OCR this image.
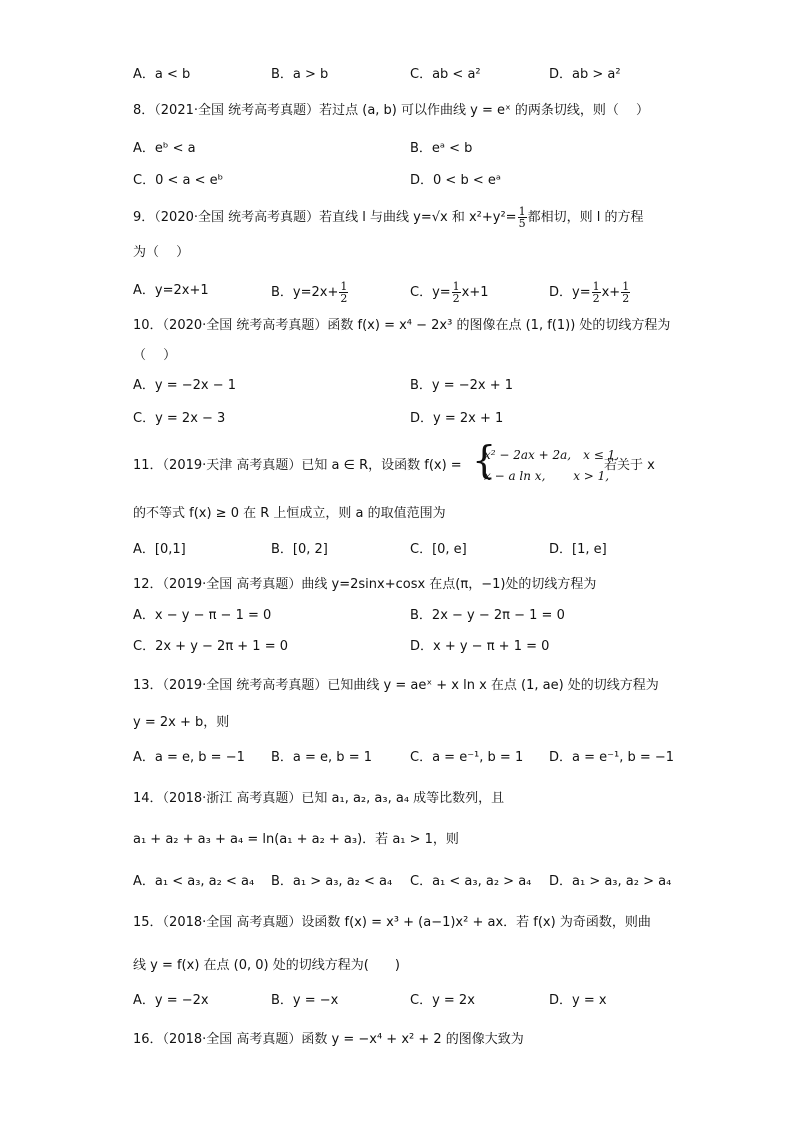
A．a < b	B．a > b	C．ab < a²	D．ab > a²
8．（2021·全国 统考高考真题）若过点 (a, b) 可以作曲线 y = eˣ 的两条切线，则（　 ）
A．eᵇ < a	B．eᵃ < b
C．0 < a < eᵇ	D．0 < b < eᵃ
9．（2020·全国 统考高考真题）若直线 l 与曲线 y=√x 和 $x^2+y^2= \frac{1}{5}$ 都相切，则 l 的方程
为（　 ）
A．y=2x+1	B．$y=2x+ \frac{1}{2}$	C．$y= \frac{1}{2} x+1$	D．$y= \frac{1}{2} x+ \frac{1}{2}$
10．（2020·全国 统考高考真题）函数 f(x) = x⁴ − 2x³ 的图像在点 (1, f(1)) 处的切线方程为
（　 ）
A．y = −2x − 1	B．y = −2x + 1
C．y = 2x − 3	D．y = 2x + 1
11．（2019·天津 高考真题）已知 a ∈ R，设函数 f(x) = {
x² − 2ax + 2a,　x ≤ 1,
x − a ln x,　　 x > 1,
若关于 x
的不等式 f(x) ≥ 0 在 R 上恒成立，则 a 的取值范围为
A．[0,1]	B．[0, 2]	C．[0, e]	D．[1, e]
12．（2019·全国 高考真题）曲线 y=2sinx+cosx 在点(π，−1)处的切线方程为
A．x − y − π − 1 = 0	B．2x − y − 2π − 1 = 0
C．2x + y − 2π + 1 = 0	D．x + y − π + 1 = 0
13．（2019·全国 统考高考真题）已知曲线 y = aeˣ + x ln x 在点 (1, ae) 处的切线方程为
y = 2x + b，则
A．a = e, b = −1 B．a = e, b = 1	C．a = e⁻¹, b = 1 D．a = e⁻¹, b = −1
14．（2018·浙江 高考真题）已知 a₁, a₂, a₃, a₄ 成等比数列，且
a₁ + a₂ + a₃ + a₄ = ln(a₁ + a₂ + a₃)．若 a₁ > 1，则
A．a₁ < a₃, a₂ < a₄ B．a₁ > a₃, a₂ < a₄ C．a₁ < a₃, a₂ > a₄ D．a₁ > a₃, a₂ > a₄
15．（2018·全国 高考真题）设函数 f(x) = x³ + (a−1)x² + ax．若 f(x) 为奇函数，则曲
线 y = f(x) 在点 (0, 0) 处的切线方程为(　　)
A．y = −2x	B．y = −x	C．y = 2x	D．y = x
16．（2018·全国 高考真题）函数 y = −x⁴ + x² + 2 的图像大致为
